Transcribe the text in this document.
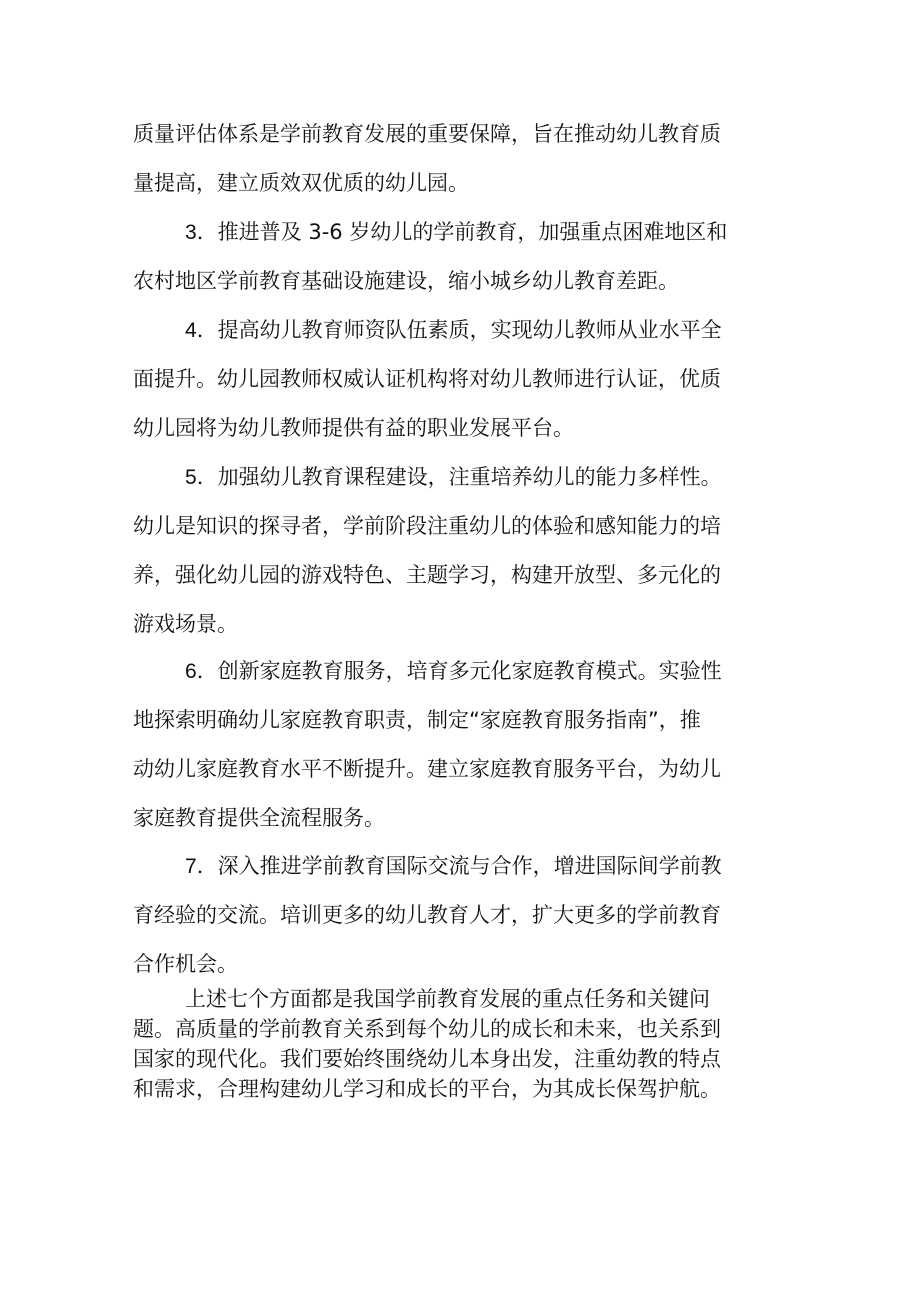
质量评估体系是学前教育发展的重要保障，旨在推动幼儿教育质
量提高，建立质效双优质的幼儿园。
3．推进普及 3-6 岁幼儿的学前教育，加强重点困难地区和
农村地区学前教育基础设施建设，缩小城乡幼儿教育差距。
4．提高幼儿教育师资队伍素质，实现幼儿教师从业水平全
面提升。幼儿园教师权威认证机构将对幼儿教师进行认证，优质
幼儿园将为幼儿教师提供有益的职业发展平台。
5．加强幼儿教育课程建设，注重培养幼儿的能力多样性。
幼儿是知识的探寻者，学前阶段注重幼儿的体验和感知能力的培
养，强化幼儿园的游戏特色、主题学习，构建开放型、多元化的
游戏场景。
6．创新家庭教育服务，培育多元化家庭教育模式。实验性
地探索明确幼儿家庭教育职责，制定“家庭教育服务指南”，推
动幼儿家庭教育水平不断提升。建立家庭教育服务平台，为幼儿
家庭教育提供全流程服务。
7．深入推进学前教育国际交流与合作，增进国际间学前教
育经验的交流。培训更多的幼儿教育人才，扩大更多的学前教育
合作机会。
上述七个方面都是我国学前教育发展的重点任务和关键问
题。高质量的学前教育关系到每个幼儿的成长和未来，也关系到
国家的现代化。我们要始终围绕幼儿本身出发，注重幼教的特点
和需求，合理构建幼儿学习和成长的平台，为其成长保驾护航。
